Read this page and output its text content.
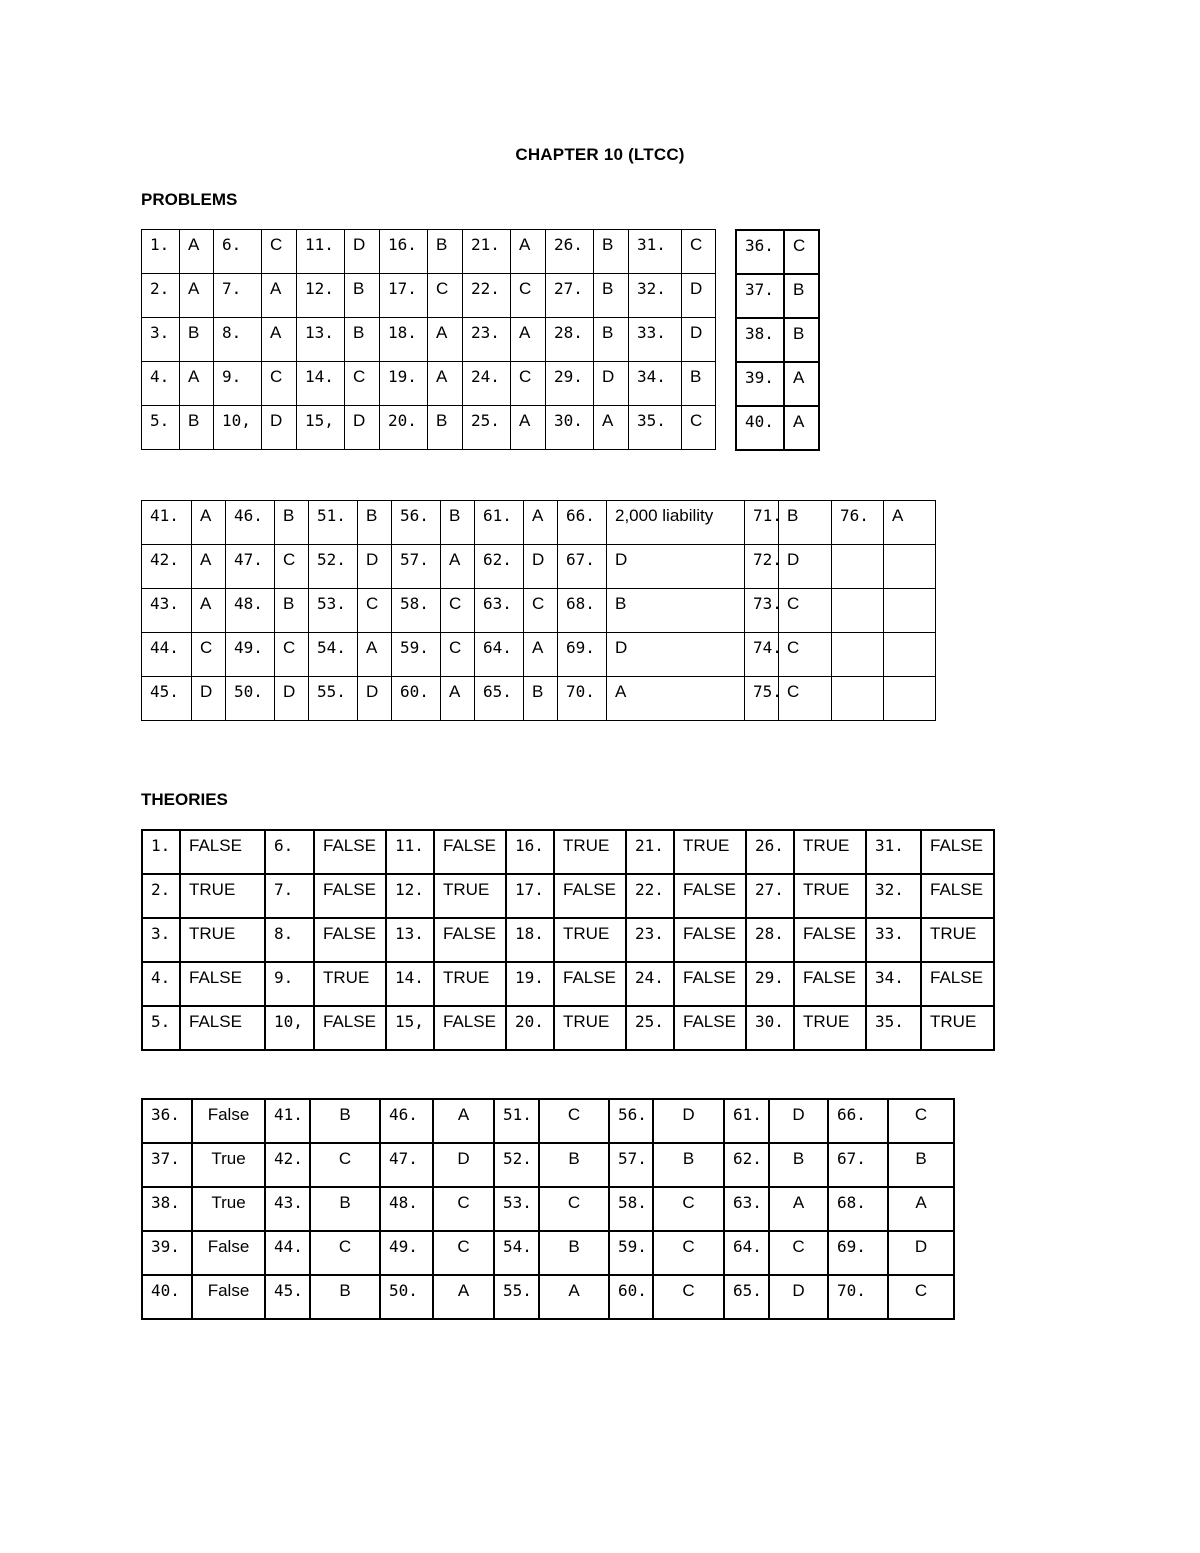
CHAPTER 10 (LTCC)
PROBLEMS
1.	A	6.	C	11.	D	16.	B	21.	A	26.	B	31.	C
2.	A	7.	A	12.	B	17.	C	22.	C	27.	B	32.	D
3.	B	8.	A	13.	B	18.	A	23.	A	28.	B	33.	D
4.	A	9.	C	14.	C	19.	A	24.	C	29.	D	34.	B
5.	B	10,	D	15,	D	20.	B	25.	A	30.	A	35.	C
36.	C
37.	B
38.	B
39.	A
40.	A
41.	A	46.	B	51.	B	56.	B	61.	A	66.	2,000 liability	71.	B	76.	A
42.	A	47.	C	52.	D	57.	A	62.	D	67.	D	72.	D		
43.	A	48.	B	53.	C	58.	C	63.	C	68.	B	73.	C		
44.	C	49.	C	54.	A	59.	C	64.	A	69.	D	74.	C		
45.	D	50.	D	55.	D	60.	A	65.	B	70.	A	75.	C		
THEORIES
1.	FALSE	6.	FALSE	11.	FALSE	16.	TRUE	21.	TRUE	26.	TRUE	31.	FALSE
2.	TRUE	7.	FALSE	12.	TRUE	17.	FALSE	22.	FALSE	27.	TRUE	32.	FALSE
3.	TRUE	8.	FALSE	13.	FALSE	18.	TRUE	23.	FALSE	28.	FALSE	33.	TRUE
4.	FALSE	9.	TRUE	14.	TRUE	19.	FALSE	24.	FALSE	29.	FALSE	34.	FALSE
5.	FALSE	10,	FALSE	15,	FALSE	20.	TRUE	25.	FALSE	30.	TRUE	35.	TRUE
36.	False	41.	B	46.	A	51.	C	56.	D	61.	D	66.	C
37.	True	42.	C	47.	D	52.	B	57.	B	62.	B	67.	B
38.	True	43.	B	48.	C	53.	C	58.	C	63.	A	68.	A
39.	False	44.	C	49.	C	54.	B	59.	C	64.	C	69.	D
40.	False	45.	B	50.	A	55.	A	60.	C	65.	D	70.	C
